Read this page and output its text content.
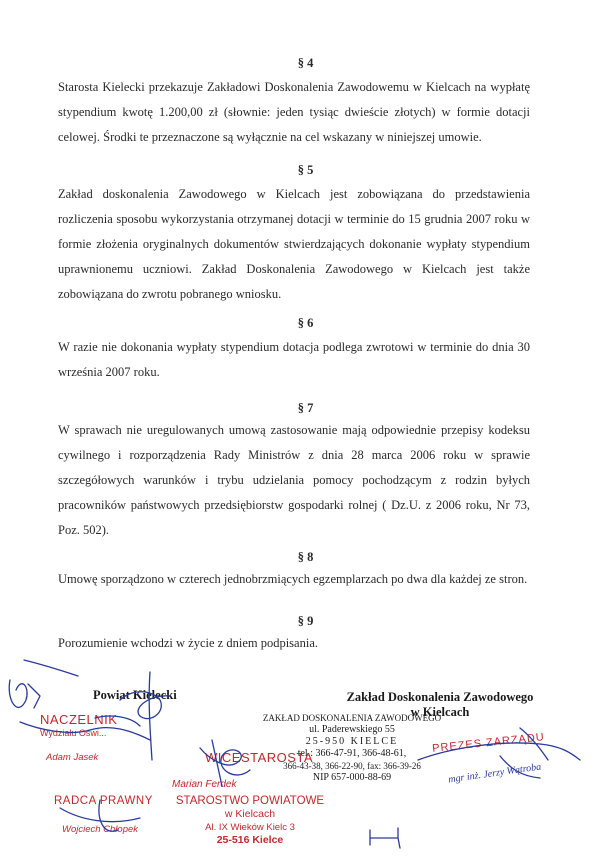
§ 4
Starosta Kielecki przekazuje Zakładowi Doskonalenia Zawodowemu w Kielcach na wypłatę stypendium kwotę 1.200,00 zł (słownie: jeden tysiąc dwieście złotych) w formie dotacji celowej. Środki te przeznaczone są wyłącznie na cel wskazany w niniejszej umowie.
§ 5
Zakład doskonalenia Zawodowego w Kielcach jest zobowiązana do przedstawienia rozliczenia sposobu wykorzystania otrzymanej dotacji w terminie do 15 grudnia 2007 roku w formie złożenia oryginalnych dokumentów stwierdzających dokonanie wypłaty stypendium uprawnionemu uczniowi. Zakład Doskonalenia Zawodowego w Kielcach jest także zobowiązana do zwrotu pobranego wniosku.
§ 6
W razie nie dokonania wypłaty stypendium dotacja podlega zwrotowi w terminie do dnia 30 września 2007 roku.
§ 7
W sprawach nie uregulowanych umową zastosowanie mają odpowiednie przepisy kodeksu cywilnego i rozporządzenia Rady Ministrów z dnia 28 marca 2006 roku w sprawie szczegółowych warunków i trybu udzielania pomocy pochodzącym z rodzin byłych pracowników państwowych przedsiębiorstw gospodarki rolnej ( Dz.U. z 2006 roku, Nr 73, Poz. 502).
§ 8
Umowę sporządzono w czterech jednobrzmiących egzemplarzach po dwa dla każdej ze stron.
§ 9
Porozumienie wchodzi w życie z dniem podpisania.
Powiat Kielecki	Zakład Doskonalenia Zawodowego
w Kielcach
ZAKŁAD DOSKONALENIA ZAWODOWEGO
ul. Paderewskiego 55
25-950 KIELCE
tel.: 366-47-91, 366-48-61,
366-43-38, 366-22-90, fax: 366-39-26
NIP 657-000-88-69
PREZES ZARZĄDU
mgr inż. Jerzy Wątroba
NACZELNIK
Wydziału Oświ...
Adam Jasek	WICESTAROSTA
Marian Ferdek
RADCA PRAWNY
Wojciech Chłopek
STAROSTWO POWIATOWE
w Kielcach
Al. IX Wieków Kielc 3
25-516 Kielce
